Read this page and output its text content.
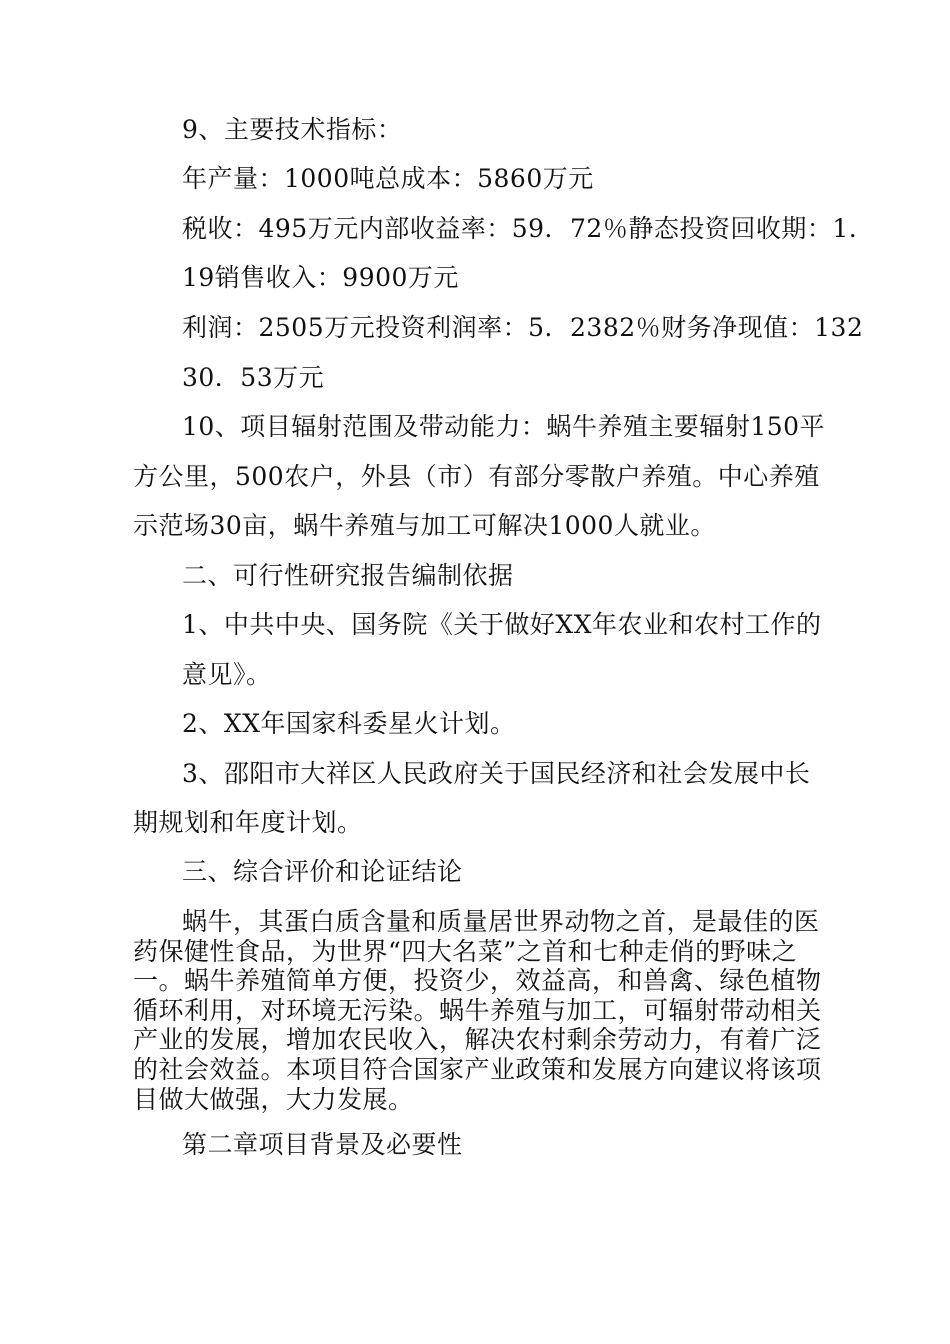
9、主要技术指标：
年产量：1000吨总成本：5860万元
税收：495万元内部收益率：59．72％静态投资回收期：1.
19销售收入：9900万元
利润：2505万元投资利润率：5．2382％财务净现值：132
30．53万元
10、项目辐射范围及带动能力：蜗牛养殖主要辐射150平
方公里，500农户，外县（市）有部分零散户养殖。中心养殖
示范场30亩，蜗牛养殖与加工可解决1000人就业。
二、可行性研究报告编制依据
1、中共中央、国务院《关于做好XX年农业和农村工作的
意见》。
2、XX年国家科委星火计划。
3、邵阳市大祥区人民政府关于国民经济和社会发展中长
期规划和年度计划。
三、综合评价和论证结论
蜗牛，其蛋白质含量和质量居世界动物之首，是最佳的医
药保健性食品，为世界“四大名菜”之首和七种走俏的野味之
一。蜗牛养殖简单方便，投资少，效益高，和兽禽、绿色植物
循环利用，对环境无污染。蜗牛养殖与加工，可辐射带动相关
产业的发展，增加农民收入，解决农村剩余劳动力，有着广泛
的社会效益。本项目符合国家产业政策和发展方向建议将该项
目做大做强，大力发展。
第二章项目背景及必要性
